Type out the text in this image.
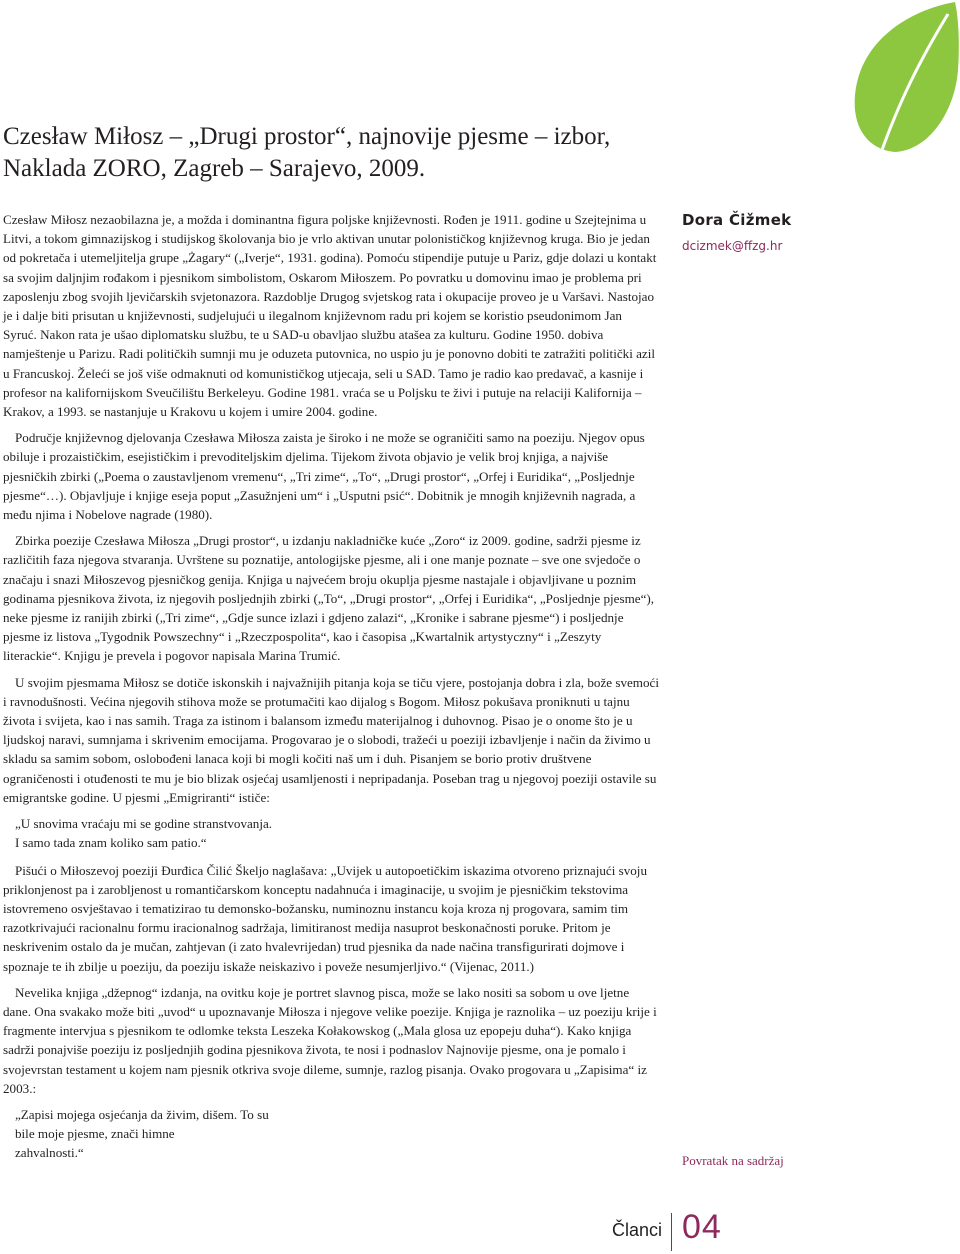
Czesław Miłosz – „Drugi prostor“, najnovije pjesme – izbor,
Naklada ZORO, Zagreb – Sarajevo, 2009.

Czesław Miłosz nezaobilazna je, a možda i dominantna figura poljske književnosti. Rođen je 1911. godine u Szejtejnima u Litvi, a tokom gimnazijskog i studijskog školovanja bio je vrlo aktivan unutar polonističkog književnog kruga. Bio je jedan od pokretača i utemeljitelja grupe „Żagary“ („Iverje“, 1931. godina). Pomoću stipendije putuje u Pariz, gdje dolazi u kontakt sa svojim daljnjim rođakom i pjesnikom simbolistom, Oskarom Miłoszem. Po povratku u domovinu imao je problema pri zaposlenju zbog svojih ljevičarskih svjetonazora. Razdoblje Drugog svjetskog rata i okupacije proveo je u Varšavi. Nastojao je i dalje biti prisutan u književnosti, sudjelujući u ilegalnom književnom radu pri kojem se koristio pseudonimom Jan Syruć. Nakon rata je ušao diplomatsku službu, te u SAD-u obavljao službu atašea za kulturu. Godine 1950. dobiva namještenje u Parizu. Radi političkih sumnji mu je oduzeta putovnica, no uspio ju je ponovno dobiti te zatražiti politički azil u Francuskoj. Želeći se još više odmaknuti od komunističkog utjecaja, seli u SAD. Tamo je radio kao predavač, a kasnije i profesor na kalifornijskom Sveučilištu Berkeleyu. Godine 1981. vraća se u Poljsku te živi i putuje na relaciji Kalifornija – Krakov, a 1993. se nastanjuje u Krakovu u kojem i umire 2004. godine.

Područje književnog djelovanja Czesława Miłosza zaista je široko i ne može se ograničiti samo na poeziju. Njegov opus obiluje i prozaističkim, esejističkim i prevoditeljskim djelima. Tijekom života objavio je velik broj knjiga, a najviše pjesničkih zbirki („Poema o zaustavljenom vremenu“, „Tri zime“, „To“, „Drugi prostor“, „Orfej i Euridika“, „Posljednje pjesme“…). Objavljuje i knjige eseja poput „Zasužnjeni um“ i „Usputni psić“. Dobitnik je mnogih književnih nagrada, a među njima i Nobelove nagrade (1980).

Zbirka poezije Czesława Miłosza „Drugi prostor“, u izdanju nakladničke kuće „Zoro“ iz 2009. godine, sadrži pjesme iz različitih faza njegova stvaranja. Uvrštene su poznatije, antologijske pjesme, ali i one manje poznate – sve one svjedoče o značaju i snazi Miłoszevog pjesničkog genija. Knjiga u najvećem broju okuplja pjesme nastajale i objavljivane u poznim godinama pjesnikova života, iz njegovih posljednjih zbirki („To“, „Drugi prostor“, „Orfej i Euridika“, „Posljednje pjesme“), neke pjesme iz ranijih zbirki („Tri zime“, „Gdje sunce izlazi i gdjeno zalazi“, „Kronike i sabrane pjesme“) i posljednje pjesme iz listova „Tygodnik Powszechny“ i „Rzeczpospolita“, kao i časopisa „Kwartalnik artystyczny“ i „Zeszyty literackie“. Knjigu je prevela i pogovor napisala Marina Trumić.

U svojim pjesmama Miłosz se dotiče iskonskih i najvažnijih pitanja koja se tiču vjere, postojanja dobra i zla, bože svemoći i ravnodušnosti. Većina njegovih stihova može se protumačiti kao dijalog s Bogom. Miłosz pokušava proniknuti u tajnu života i svijeta, kao i nas samih. Traga za istinom i balansom između materijalnog i duhovnog. Pisao je o onome što je u ljudskoj naravi, sumnjama i skrivenim emocijama. Progovarao je o slobodi, tražeći u poeziji izbavljenje i način da živimo u skladu sa samim sobom, oslobođeni lanaca koji bi mogli kočiti naš um i duh. Pisanjem se borio protiv društvene ograničenosti i otuđenosti te mu je bio blizak osjećaj usamljenosti i nepripadanja. Poseban trag u njegovoj poeziji ostavile su emigrantske godine. U pjesmi „Emigriranti“ ističe:

„U snovima vraćaju mi se godine stranstvovanja.
I samo tada znam koliko sam patio.“

Pišući o Miłoszevoj poeziji Đurđica Čilić Škeljo naglašava: „Uvijek u autopoetičkim iskazima otvoreno priznajući svoju priklonjenost pa i zarobljenost u romantičarskom konceptu nadahnuća i imaginacije, u svojim je pjesničkim tekstovima istovremeno osvještavao i tematizirao tu demonsko-božansku, numinoznu instancu koja kroza nj progovara, samim tim razotkrivajući racionalnu formu iracionalnog sadržaja, limitiranost medija nasuprot beskonačnosti poruke. Pritom je neskrivenim ostalo da je mučan, zahtjevan (i zato hvalevrijedan) trud pjesnika da nade načina transfigurirati dojmove i spoznaje te ih zbilje u poeziju, da poeziju iskaže neiskazivo i poveže nesumjerljivo.“ (Vijenac, 2011.)

Nevelika knjiga „džepnog“ izdanja, na ovitku koje je portret slavnog pisca, može se lako nositi sa sobom u ove ljetne dane. Ona svakako može biti „uvod“ u upoznavanje Miłosza i njegove velike poezije. Knjiga je raznolika – uz poeziju krije i fragmente intervjua s pjesnikom te odlomke teksta Leszeka Kołakowskog („Mala glosa uz epopeju duha“). Kako knjiga sadrži ponajviše poeziju iz posljednjih godina pjesnikova života, te nosi i podnaslov Najnovije pjesme, ona je pomalo i svojevrstan testament u kojem nam pjesnik otkriva svoje dileme, sumnje, razlog pisanja. Ovako progovara u „Zapisima“ iz 2003.:

„Zapisi mojega osjećanja da živim, dišem. To su
bile moje pjesme, znači himne
zahvalnosti.“
Dora Čižmek
dcizmek@ffzg.hr
Povratak na sadržaj
Članci 04
